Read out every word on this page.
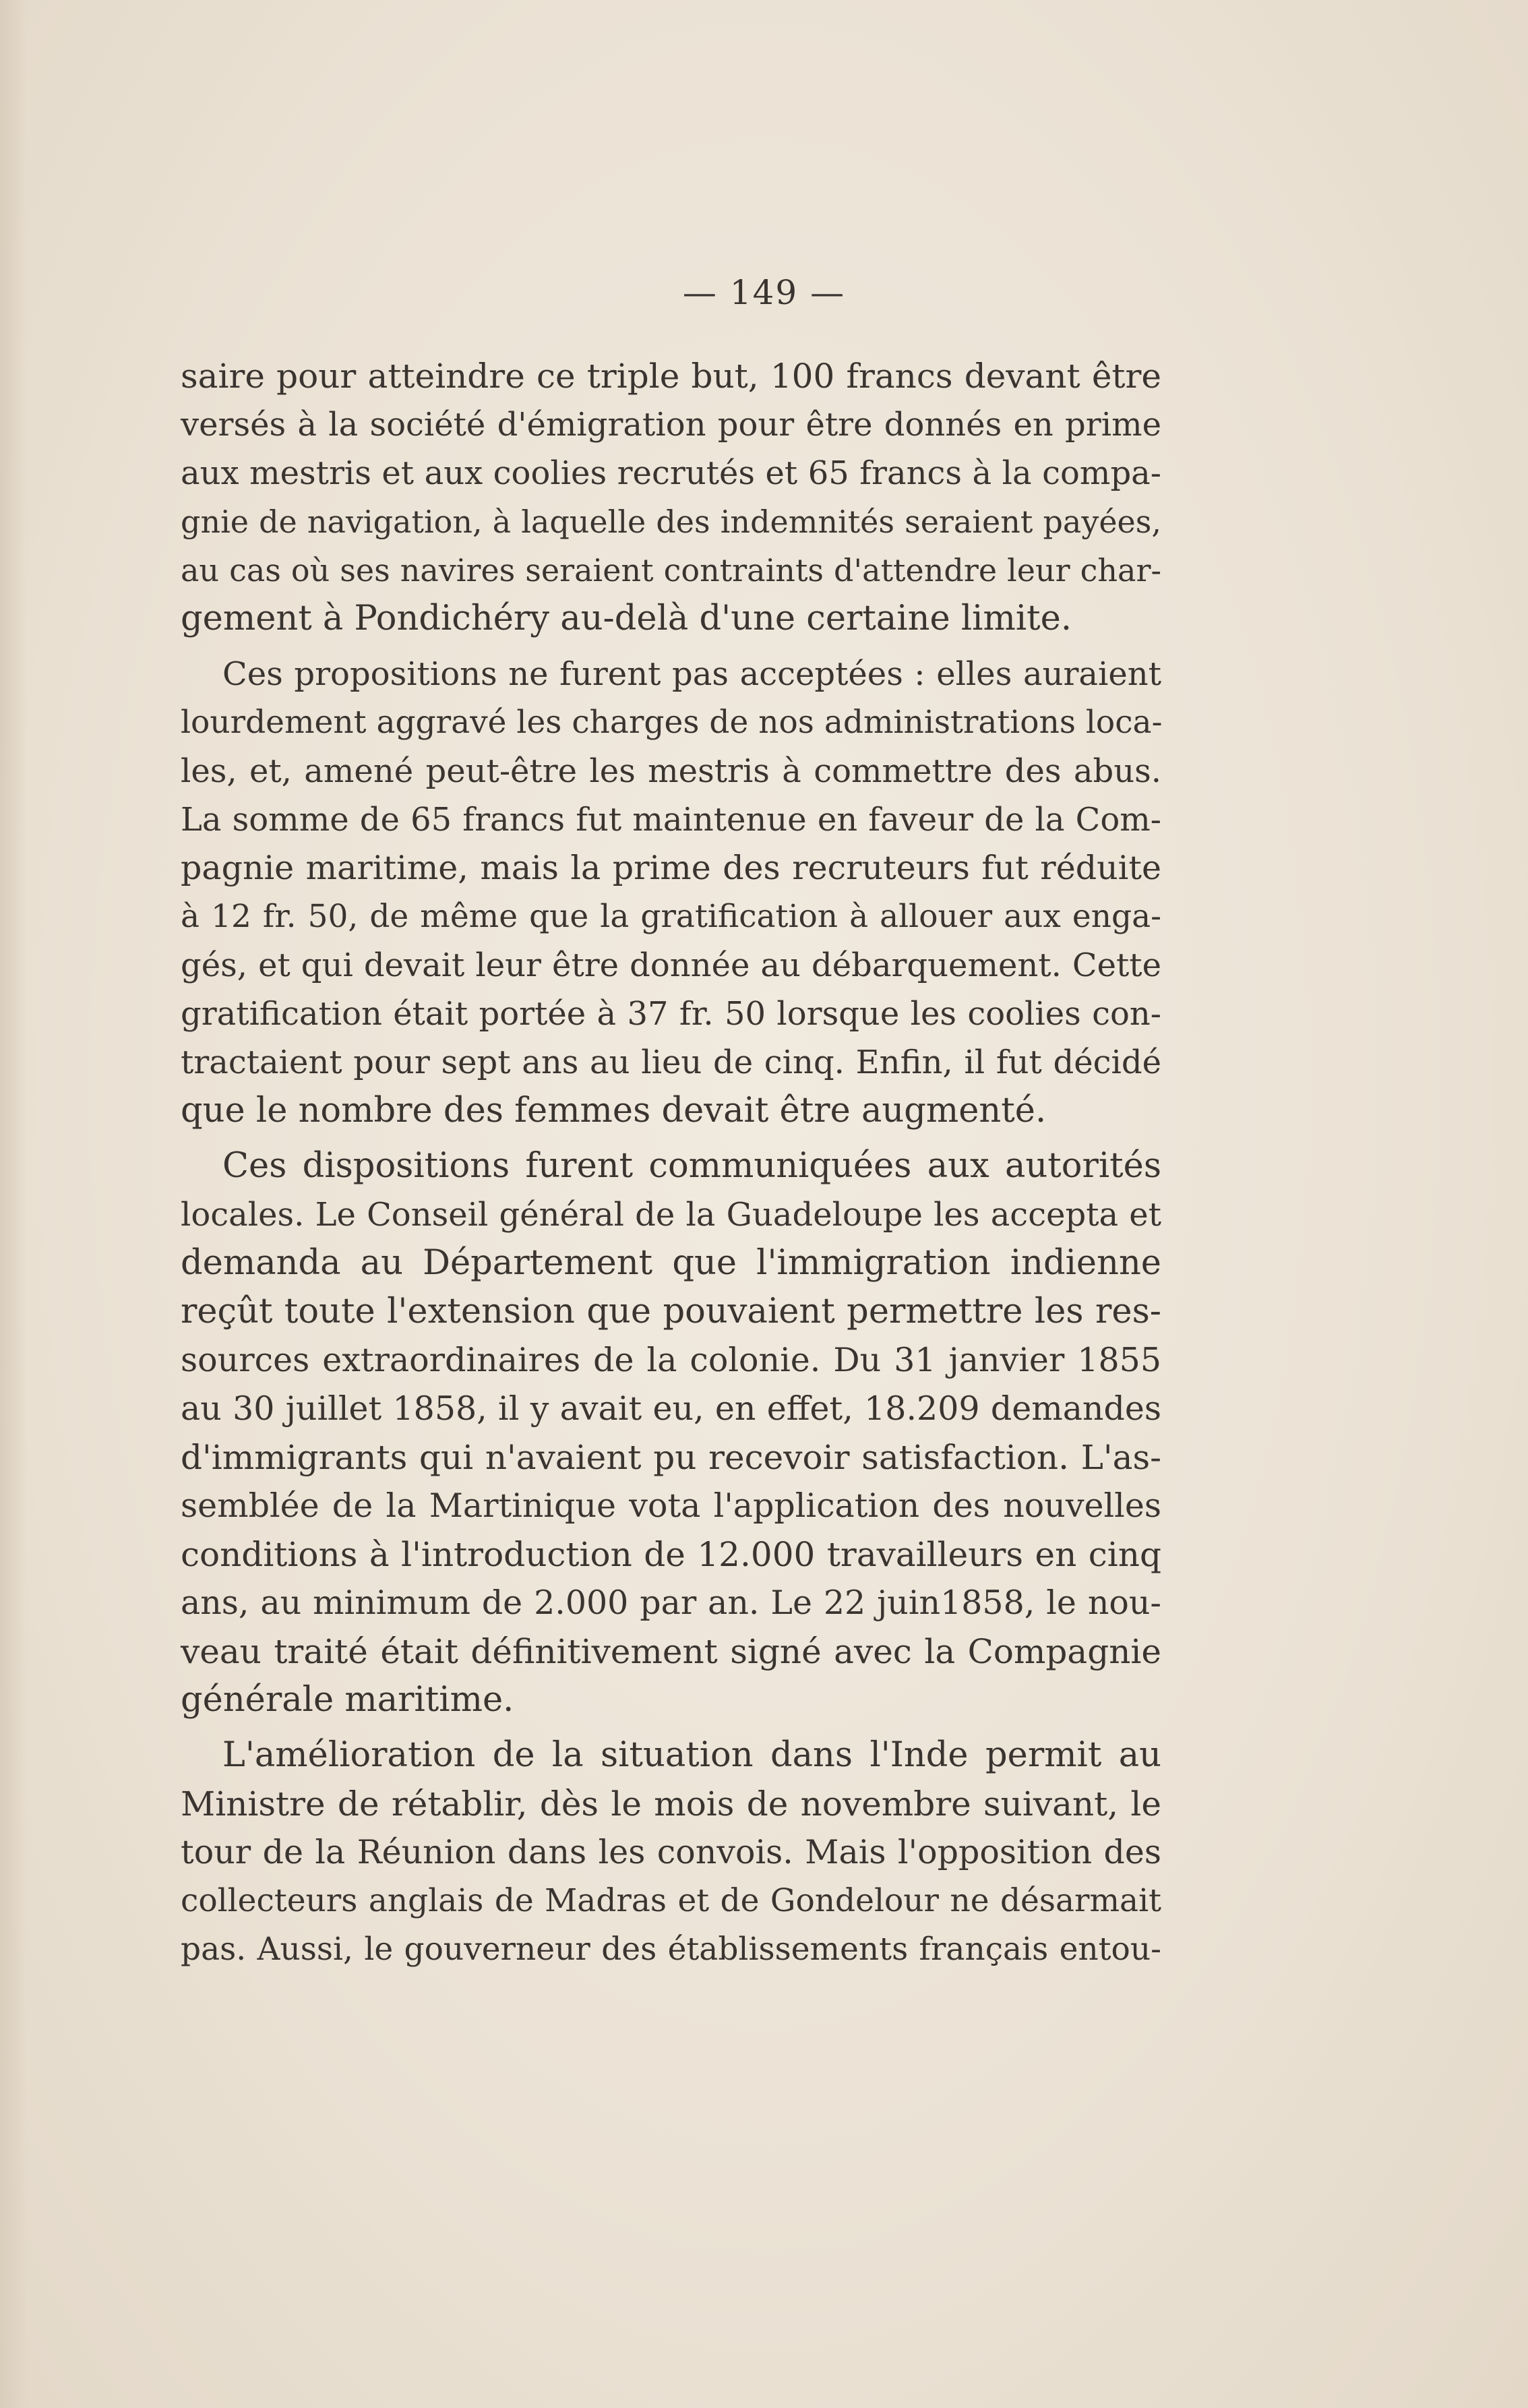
— 149 —
saire pour atteindre ce triple but, 100 francs devant être
versés à la société d'émigration pour être donnés en prime
aux mestris et aux coolies recrutés et 65 francs à la compa-
gnie de navigation, à laquelle des indemnités seraient payées,
au cas où ses navires seraient contraints d'attendre leur char-
gement à Pondichéry au-delà d'une certaine limite.
Ces propositions ne furent pas acceptées : elles auraient
lourdement aggravé les charges de nos administrations loca-
les, et, amené peut-être les mestris à commettre des abus.
La somme de 65 francs fut maintenue en faveur de la Com-
pagnie maritime, mais la prime des recruteurs fut réduite
à 12 fr. 50, de même que la gratification à allouer aux enga-
gés, et qui devait leur être donnée au débarquement. Cette
gratification était portée à 37 fr. 50 lorsque les coolies con-
tractaient pour sept ans au lieu de cinq. Enfin, il fut décidé
que le nombre des femmes devait être augmenté.
Ces dispositions furent communiquées aux autorités
locales. Le Conseil général de la Guadeloupe les accepta et
demanda au Département que l'immigration indienne
reçût toute l'extension que pouvaient permettre les res-
sources extraordinaires de la colonie. Du 31 janvier 1855
au 30 juillet 1858, il y avait eu, en effet, 18.209 demandes
d'immigrants qui n'avaient pu recevoir satisfaction. L'as-
semblée de la Martinique vota l'application des nouvelles
conditions à l'introduction de 12.000 travailleurs en cinq
ans, au minimum de 2.000 par an. Le 22 juin1858, le nou-
veau traité était définitivement signé avec la Compagnie
générale maritime.
L'amélioration de la situation dans l'Inde permit au
Ministre de rétablir, dès le mois de novembre suivant, le
tour de la Réunion dans les convois. Mais l'opposition des
collecteurs anglais de Madras et de Gondelour ne désarmait
pas. Aussi, le gouverneur des établissements français entou-
